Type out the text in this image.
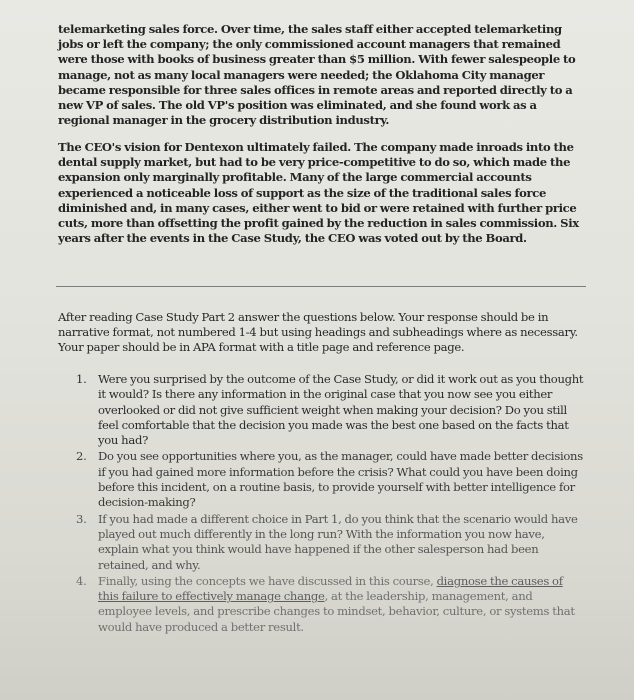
telemarketing sales force. Over time, the sales staff either accepted telemarketing jobs or left the company; the only commissioned account managers that remained were those with books of business greater than $5 million. With fewer salespeople to manage, not as many local managers were needed; the Oklahoma City manager became responsible for three sales offices in remote areas and reported directly to a new VP of sales. The old VP's position was eliminated, and she found work as a regional manager in the grocery distribution industry.

The CEO's vision for Dentexon ultimately failed. The company made inroads into the dental supply market, but had to be very price-competitive to do so, which made the expansion only marginally profitable. Many of the large commercial accounts experienced a noticeable loss of support as the size of the traditional sales force diminished and, in many cases, either went to bid or were retained with further price cuts, more than offsetting the profit gained by the reduction in sales commission. Six years after the events in the Case Study, the CEO was voted out by the Board.

After reading Case Study Part 2 answer the questions below. Your response should be in narrative format, not numbered 1-4 but using headings and subheadings where as necessary. Your paper should be in APA format with a title page and reference page.

1. Were you surprised by the outcome of the Case Study, or did it work out as you thought it would? Is there any information in the original case that you now see you either overlooked or did not give sufficient weight when making your decision? Do you still feel comfortable that the decision you made was the best one based on the facts that you had?
2. Do you see opportunities where you, as the manager, could have made better decisions if you had gained more information before the crisis? What could you have been doing before this incident, on a routine basis, to provide yourself with better intelligence for decision-making?
3. If you had made a different choice in Part 1, do you think that the scenario would have played out much differently in the long run? With the information you now have, explain what you think would have happened if the other salesperson had been retained, and why.
4. Finally, using the concepts we have discussed in this course, diagnose the causes of this failure to effectively manage change, at the leadership, management, and employee levels, and prescribe changes to mindset, behavior, culture, or systems that would have produced a better result.
